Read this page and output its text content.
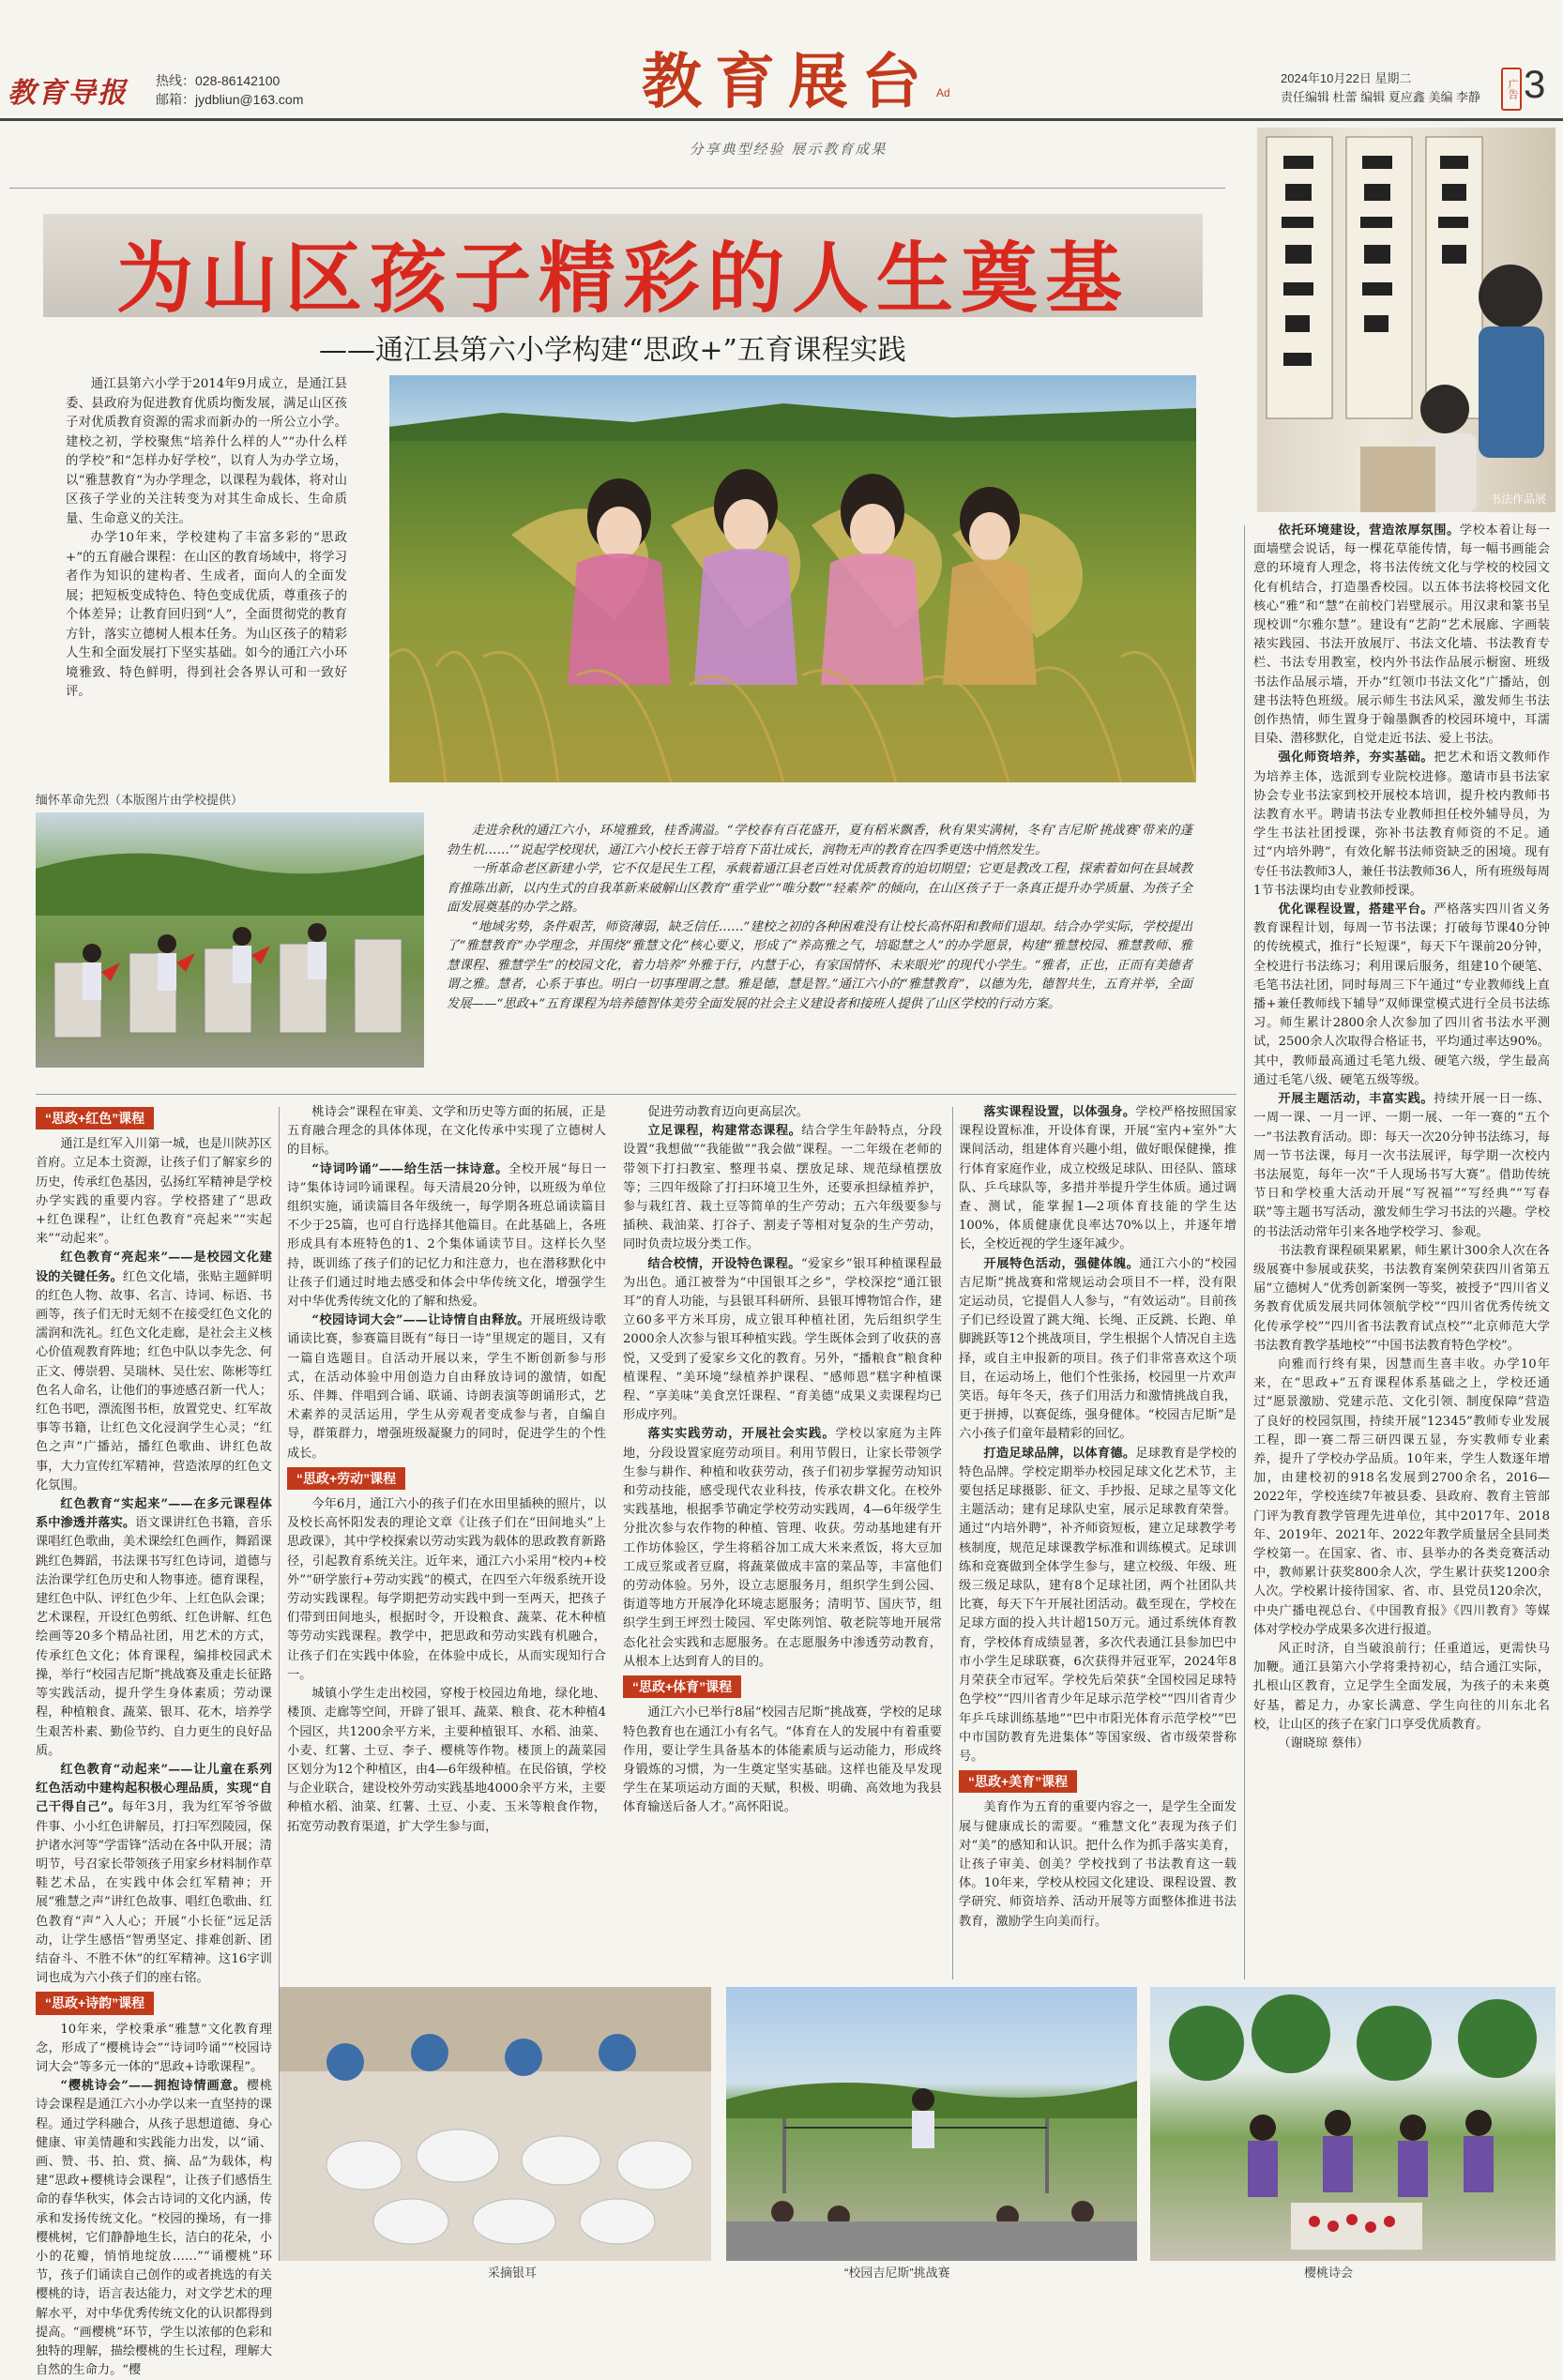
教育导报	热线：028-86142100
邮箱：jydbliun@163.com	教育展台 Ad
分享典型经验 展示教育成果
2024年10月22日 星期二
责任编辑 杜蕾 编辑 夏应鑫 美编 李静	广告 3
书法作品展
为山区孩子精彩的人生奠基
——通江县第六小学构建“思政+”五育课程实践

通江县第六小学于2014年9月成立，是通江县委、县政府为促进教育优质均衡发展，满足山区孩子对优质教育资源的需求而新办的一所公立小学。建校之初，学校聚焦“培养什么样的人”“办什么样的学校”和“怎样办好学校”，以育人为办学立场，以“雅慧教育”为办学理念，以课程为载体，将对山区孩子学业的关注转变为对其生命成长、生命质量、生命意义的关注。

办学10年来，学校建构了丰富多彩的“思政+”的五育融合课程：在山区的教育场域中，将学习者作为知识的建构者、生成者，面向人的全面发展；把短板变成特色、特色变成优质，尊重孩子的个体差异；让教育回归到“人”，全面贯彻党的教育方针，落实立德树人根本任务。为山区孩子的精彩人生和全面发展打下坚实基础。如今的通江六小环境雅致、特色鲜明，得到社会各界认可和一致好评。

缅怀革命先烈（本版图片由学校提供）

走进余秋的通江六小，环境雅致，桂香满溢。“学校春有百花盛开，夏有稻米飘香，秋有果实满树，冬有‘吉尼斯’挑战赛‘带来的蓬勃生机……’”说起学校现状，通江六小校长王蓉于培育下苗壮成长，润物无声的教育在四季更迭中悄然发生。

一所革命老区新建小学，它不仅是民生工程，承载着通江县老百姓对优质教育的迫切期望；它更是教改工程，探索着如何在县域教育推陈出新，以内生式的自我革新来破解山区教育“重学业”“唯分数”“轻素养”的倾向，在山区孩子于一条真正提升办学质量、为孩子全面发展奠基的办学之路。

“地域劣势，条件艰苦，师资薄弱，缺乏信任……”建校之初的各种困难没有让校长高怀阳和教师们退却。结合办学实际，学校提出了“雅慧教育”办学理念，并围绕“雅慧文化”核心要义，形成了“养高雅之气，培聪慧之人”的办学愿景，构建“雅慧校园、雅慧教师、雅慧课程、雅慧学生”的校园文化，着力培养“外雅于行，内慧于心，有家国情怀、未来眼光”的现代小学生。“雅者，正也，正而有美德者谓之雅。慧者，心系于事也。明白一切事理谓之慧。雅是德，慧是智。”通江六小的“雅慧教育”，以德为先，德智共生，五育并举，全面发展——“思政+”五育课程为培养德智体美劳全面发展的社会主义建设者和接班人提供了山区学校的行动方案。

“思政+红色”课程

通江是红军入川第一城，也是川陕苏区首府。立足本土资源，让孩子们了解家乡的历史，传承红色基因，弘扬红军精神是学校办学实践的重要内容。学校搭建了“思政+红色课程”，让红色教育“亮起来”“实起来”“动起来”。

红色教育“亮起来”——是校园文化建设的关键任务。红色文化墙，张贴主题鲜明的红色人物、故事、名言、诗词、标语、书画等，孩子们无时无刻不在接受红色文化的濡润和洗礼。红色文化走廊，是社会主义核心价值观教育阵地；红色中队以李先念、何正文、傅崇碧、吴瑞林、吴仕宏、陈彬等红色名人命名，让他们的事迹感召新一代人；红色书吧，漂流图书柜，放置党史、红军故事等书籍，让红色文化浸润学生心灵；“红色之声”广播站，播红色歌曲、讲红色故事，大力宣传红军精神，营造浓厚的红色文化氛围。

红色教育“实起来”——在多元课程体系中渗透并落实。语文课讲红色书籍，音乐课唱红色歌曲，美术课绘红色画作，舞蹈课跳红色舞蹈，书法课书写红色诗词，道德与法治课学红色历史和人物事迹。德育课程，建红色中队、评红色少年、上红色队会课；艺术课程，开设红色剪纸、红色讲解、红色绘画等20多个精品社团，用艺术的方式，传承红色文化；体育课程，编排校园武术操，举行“校园吉尼斯”挑战赛及重走长征路等实践活动，提升学生身体素质；劳动课程，种植粮食、蔬菜、银耳、花木，培养学生艰苦朴素、勤俭节约、自力更生的良好品质。

红色教育“动起来”——让儿童在系列红色活动中建构起积极心理品质，实现“自己干得自己”。每年3月，我为红军爷爷做件事、小小红色讲解员，打扫军烈陵园，保护诸水河等“学雷锋”活动在各中队开展；清明节，号召家长带领孩子用家乡材料制作草鞋艺术品，在实践中体会红军精神；开展“雅慧之声”讲红色故事、唱红色歌曲、红色教育“声”入人心；开展“小长征”远足活动，让学生感悟“智勇坚定、排难创新、团结奋斗、不胜不休”的红军精神。这16字训词也成为六小孩子们的座右铭。

“思政+诗韵”课程

10年来，学校秉承“雅慧”文化教育理念，形成了“樱桃诗会”“诗词吟诵”“校园诗词大会”等多元一体的“思政+诗歌课程”。

“樱桃诗会”——拥抱诗情画意。樱桃诗会课程是通江六小办学以来一直坚持的课程。通过学科融合，从孩子思想道德、身心健康、审美情趣和实践能力出发，以“诵、画、赞、书、拍、赏、摘、品”为载体，构建“思政+樱桃诗会课程”，让孩子们感悟生命的春华秋实，体会古诗词的文化内涵，传承和发扬传统文化。“校园的操场，有一排樱桃树，它们静静地生长，洁白的花朵，小小的花瓣，悄悄地绽放……”“诵樱桃”环节，孩子们诵读自己创作的或者挑选的有关樱桃的诗，语言表达能力，对文学艺术的理解水平，对中华优秀传统文化的认识都得到提高。“画樱桃”环节，学生以浓郁的色彩和独特的理解，描绘樱桃的生长过程，理解大自然的生命力。“樱

桃诗会”课程在审美、文学和历史等方面的拓展，正是五育融合理念的具体体现，在文化传承中实现了立德树人的目标。

“诗词吟诵”——给生活一抹诗意。全校开展“每日一诗”集体诗词吟诵课程。每天清晨20分钟，以班级为单位组织实施，诵读篇目各年级统一，每学期各班总诵读篇目不少于25篇，也可自行选择其他篇目。在此基础上，各班形成具有本班特色的1、2个集体诵读节目。这样长久坚持，既训练了孩子们的记忆力和注意力，也在潜移默化中让孩子们通过时地去感受和体会中华传统文化，增强学生对中华优秀传统文化的了解和热爱。

“校园诗词大会”——让诗情自由释放。开展班级诗歌诵读比赛，参赛篇目既有“每日一诗”里规定的题目，又有一篇自选题目。自活动开展以来，学生不断创新参与形式，在活动体验中用创造力自由释放诗词的激情，如配乐、伴舞、伴唱到合诵、联诵、诗朗表演等朗诵形式，艺术素养的灵活运用，学生从旁观者变成参与者，自编自导，群策群力，增强班级凝聚力的同时，促进学生的个性成长。

“思政+劳动”课程

今年6月，通江六小的孩子们在水田里插秧的照片，以及校长高怀阳发表的理论文章《让孩子们在“田间地头”上思政课》，其中学校探索以劳动实践为载体的思政教育新路径，引起教育系统关注。近年来，通江六小采用“校内+校外”“研学旅行+劳动实践”的模式，在四至六年级系统开设劳动实践课程。每学期把劳动实践中到一至两天，把孩子们带到田间地头，根据时令，开设粮食、蔬菜、花木种植等劳动实践课程。教学中，把思政和劳动实践有机融合，让孩子们在实践中体验，在体验中成长，从而实现知行合一。

城镇小学生走出校园，穿梭于校园边角地，绿化地、楼顶、走廊等空间，开辟了银耳、蔬菜、粮食、花木种植4个园区，共1200余平方米，主要种植银耳、水稻、油菜、小麦、红薯、土豆、李子、樱桃等作物。楼顶上的蔬菜园区划分为12个种植区，由4—6年级种植。在民俗镇，学校与企业联合，建设校外劳动实践基地4000余平方米，主要种植水稻、油菜、红薯、土豆、小麦、玉米等粮食作物，拓宽劳动教育渠道，扩大学生参与面，

促进劳动教育迈向更高层次。

立足课程，构建常态课程。结合学生年龄特点，分段设置“我想做”“我能做”“我会做”课程。一二年级在老师的带领下打扫教室、整理书桌、摆放足球、规范绿植摆放等；三四年级除了打扫环境卫生外，还要承担绿植养护，参与栽红苕、栽土豆等简单的生产劳动；五六年级要参与插秧、栽油菜、打谷子、割麦子等相对复杂的生产劳动，同时负责垃圾分类工作。

结合校情，开设特色课程。“爱家乡”银耳种植课程最为出色。通江被誉为“中国银耳之乡”，学校深挖“通江银耳”的育人功能，与县银耳科研所、县银耳博物馆合作，建立60多平方米耳房，成立银耳种植社团，先后组织学生2000余人次参与银耳种植实践。学生既体会到了收获的喜悦，又受到了爱家乡文化的教育。另外，“播粮食”粮食种植课程、“美环境”绿植养护课程、“感师恩”糕字种植课程、“享美味”美食烹饪课程、“育美德”成果义卖课程均已形成序列。

落实实践劳动，开展社会实践。学校以家庭为主阵地，分段设置家庭劳动项目。利用节假日，让家长带领学生参与耕作、种植和收获劳动，孩子们初步掌握劳动知识和劳动技能，感受现代农业科技，传承农耕文化。在校外实践基地，根据季节确定学校劳动实践周，4—6年级学生分批次参与农作物的种植、管理、收获。劳动基地建有开工作坊体验区，学生将稻谷加工成大米来煮饭，将大豆加工成豆浆或者豆腐，将蔬菜做成丰富的菜品等，丰富他们的劳动体验。另外，设立志愿服务月，组织学生到公园、街道等地方开展净化环境志愿服务；清明节、国庆节，组织学生到王坪烈士陵园、军史陈列馆、敬老院等地开展常态化社会实践和志愿服务。在志愿服务中渗透劳动教育，从根本上达到育人的目的。

“思政+体育”课程

通江六小已举行8届“校园吉尼斯”挑战赛，学校的足球特色教育也在通江小有名气。“体育在人的发展中有着重要作用，要让学生具备基本的体能素质与运动能力，形成终身锻炼的习惯，为一生奠定坚实基础。这样也能及早发现学生在某项运动方面的天赋，积极、明确、高效地为我县体育输送后备人才。”高怀阳说。

落实课程设置，以体强身。学校严格按照国家课程设置标准，开设体育课，开展“室内+室外”大课间活动，组建体育兴趣小组，做好眼保健操，推行体育家庭作业，成立校级足球队、田径队、篮球队、乒乓球队等，多措并举提升学生体质。通过调查、测试，能掌握1—2项体育技能的学生达100%，体质健康优良率达70%以上，并逐年增长，全校近视的学生逐年减少。

开展特色活动，强健体魄。通江六小的“校园吉尼斯”挑战赛和常规运动会项目不一样，没有限定运动员，它提倡人人参与，“有效运动”。目前孩子们已经设置了跳大绳、长绳、正反跳、长跑、单脚跳跃等12个挑战项目，学生根据个人情况自主选择，或自主申报新的项目。孩子们非常喜欢这个项目，在运动场上，他们个性张扬，校园里一片欢声笑语。每年冬天，孩子们用活力和激情挑战自我，更于拼搏，以赛促练，强身健体。“校园吉尼斯”是六小孩子们童年最精彩的回忆。

打造足球品牌，以体育德。足球教育是学校的特色品牌。学校定期举办校园足球文化艺术节，主要包括足球摄影、征文、手抄报、足球之星等文化主题活动；建有足球队史室，展示足球教育荣誉。通过“内培外聘”，补齐师资短板，建立足球教学考核制度，规范足球课教学标准和训练模式。足球训练和竞赛做到全体学生参与，建立校级、年级、班级三级足球队，建有8个足球社团，两个社团队共比赛，每天下午开展社团活动。截至现在，学校在足球方面的投入共计超150万元。通过系统体育教育，学校体育成绩显著，多次代表通江县参加巴中市小学生足球联赛，6次获得并冠亚军，2024年8月荣获全市冠军。学校先后荣获“全国校园足球特色学校”“四川省青少年足球示范学校”“四川省青少年乒乓球训练基地”“巴中市阳光体育示范学校”“巴中市国防教育先进集体”等国家级、省市级荣誉称号。

“思政+美育”课程

美育作为五育的重要内容之一，是学生全面发展与健康成长的需要。“雅慧文化”表现为孩子们对“美”的感知和认识。把什么作为抓手落实美育，让孩子审美、创美？学校找到了书法教育这一载体。10年来，学校从校园文化建设、课程设置、教学研究、师资培养、活动开展等方面整体推进书法教育，激励学生向美而行。

依托环境建设，营造浓厚氛围。学校本着让每一面墙壁会说话，每一棵花草能传情，每一幅书画能会意的环境育人理念，将书法传统文化与学校的校园文化有机结合，打造墨香校园。以五体书法将校园文化核心“雅”和“慧”在前校门岩壁展示。用汉隶和篆书呈现校训“尔雅尔慧”。建设有“艺韵”艺术展廊、字画装裱实践园、书法开放展厅、书法文化墙、书法教育专栏、书法专用教室，校内外书法作品展示橱窗、班级书法作品展示墙，开办“红领巾书法文化”广播站，创建书法特色班级。展示师生书法风采，激发师生书法创作热情，师生置身于翰墨飘香的校园环境中，耳濡目染、潜移默化，自觉走近书法、爱上书法。

强化师资培养，夯实基础。把艺术和语文教师作为培养主体，选派到专业院校进修。邀请市县书法家协会专业书法家到校开展校本培训，提升校内教师书法教育水平。聘请书法专业教师担任校外辅导员，为学生书法社团授课，弥补书法教育师资的不足。通过“内培外聘”，有效化解书法师资缺乏的困境。现有专任书法教师3人，兼任书法教师36人，所有班级每周1节书法课均由专业教师授课。

优化课程设置，搭建平台。严格落实四川省义务教育课程计划，每周一节书法课；打破每节课40分钟的传统模式，推行“长短课”，每天下午课前20分钟，全校进行书法练习；利用课后服务，组建10个硬笔、毛笔书法社团，同时每周三下午通过“专业教师线上直播+兼任教师线下辅导”双师课堂模式进行全员书法练习。师生累计2800余人次参加了四川省书法水平测试，2500余人次取得合格证书，平均通过率达90%。其中，教师最高通过毛笔九级、硬笔六级，学生最高通过毛笔八级、硬笔五级等级。

开展主题活动，丰富实践。持续开展一日一练、一周一课、一月一评、一期一展、一年一赛的“五个一”书法教育活动。即：每天一次20分钟书法练习，每周一节书法课，每月一次书法展评，每学期一次校内书法展览，每年一次“千人现场书写大赛”。借助传统节日和学校重大活动开展“写祝福”“写经典”“写春联”等主题书写活动，激发师生学习书法的兴趣。学校的书法活动常年引来各地学校学习、参观。

书法教育课程硕果累累，师生累计300余人次在各级展赛中参展或获奖，书法教育案例荣获四川省第五届“立德树人”优秀创新案例一等奖，被授予“四川省义务教育优质发展共同体领航学校”“四川省优秀传统文化传承学校”“四川省书法教育试点校”“北京师范大学书法教育教学基地校”“中国书法教育特色学校”。

向雅而行终有果，因慧而生喜丰收。办学10年来，在“思政+”五育课程体系基础之上，学校还通过“愿景激励、党建示范、文化引领、制度保障”营造了良好的校园氛围，持续开展“12345”教师专业发展工程，即一赛二帮三研四课五显，夯实教师专业素养，提升了学校办学品质。10年来，学生人数逐年增加，由建校初的918名发展到2700余名，2016—2022年，学校连续7年被县委、县政府、教育主管部门评为教育教学管理先进单位，其中2017年、2018年、2019年、2021年、2022年教学质量居全县同类学校第一。在国家、省、市、县举办的各类竞赛活动中，教师累计获奖800余人次，学生累计获奖1200余人次。学校累计接待国家、省、市、县党员120余次，中央广播电视总台、《中国教育报》《四川教育》等媒体对学校办学成果多次进行报道。

风正时济，自当破浪前行；任重道远，更需快马加鞭。通江县第六小学将秉持初心，结合通江实际，扎根山区教育，立足学生全面发展，为孩子的未来奠好基，蓄足力，办家长满意、学生向往的川东北名校，让山区的孩子在家门口享受优质教育。

（谢晓琼 蔡伟）

采摘银耳	“校园吉尼斯”挑战赛	樱桃诗会
